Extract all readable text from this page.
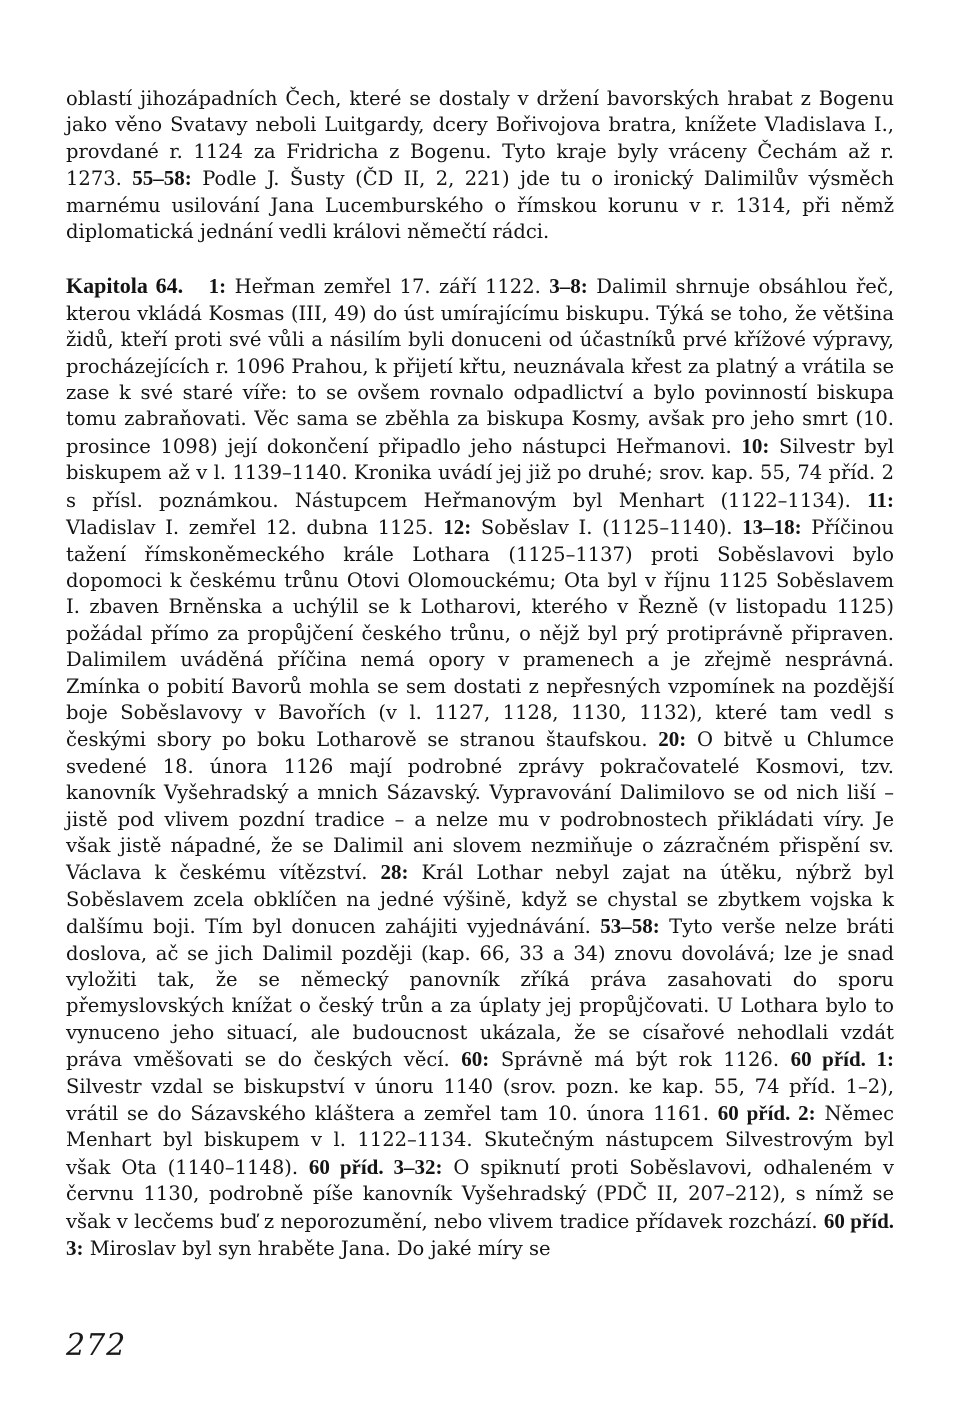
oblastí jihozápadních Čech, které se dostaly v držení bavorských hrabat z Bogenu jako věno Svatavy neboli Luitgardy, dcery Bořivojova bratra, knížete Vladislava I., provdané r. 1124 za Fridricha z Bogenu. Tyto kraje byly vráceny Čechám až r. 1273. 55–58: Podle J. Šusty (ČD II, 2, 221) jde tu o ironický Dalimilův výsměch marnému usilování Jana Lucemburského o římskou korunu v r. 1314, při němž diplomatická jednání vedli královi němečtí rádci.

Kapitola 64. 1: Heřman zemřel 17. září 1122. 3–8: Dalimil shrnuje obsáhlou řeč, kterou vkládá Kosmas (III, 49) do úst umírajícímu biskupu. Týká se toho, že většina židů, kteří proti své vůli a násilím byli donuceni od účastníků prvé křížové výpravy, procházejících r. 1096 Prahou, k přijetí křtu, neuznávala křest za platný a vrátila se zase k své staré víře: to se ovšem rovnalo odpadlictví a bylo povinností biskupa tomu zabraňovati. Věc sama se zběhla za biskupa Kosmy, avšak pro jeho smrt (10. prosince 1098) její dokončení připadlo jeho nástupci Heřmanovi. 10: Silvestr byl biskupem až v l. 1139–1140. Kronika uvádí jej již po druhé; srov. kap. 55, 74 příd. 2 s přísl. poznámkou. Nástupcem Heřmanovým byl Menhart (1122–1134). 11: Vladislav I. zemřel 12. dubna 1125. 12: Soběslav I. (1125–1140). 13–18: Příčinou tažení římskoněmeckého krále Lothara (1125–1137) proti Soběslavovi bylo dopomoci k českému trůnu Otovi Olomouckému; Ota byl v říjnu 1125 Soběslavem I. zbaven Brněnska a uchýlil se k Lotharovi, kterého v Řezně (v listopadu 1125) požádal přímo za propůjčení českého trůnu, o nějž byl prý protiprávně připraven. Dalimilem uváděná příčina nemá opory v pramenech a je zřejmě nesprávná. Zmínka o pobití Bavorů mohla se sem dostati z nepřesných vzpomínek na pozdější boje Soběslavovy v Bavořích (v l. 1127, 1128, 1130, 1132), které tam vedl s českými sbory po boku Lotharově se stranou štaufskou. 20: O bitvě u Chlumce svedené 18. února 1126 mají podrobné zprávy pokračovatelé Kosmovi, tzv. kanovník Vyšehradský a mnich Sázavský. Vypravování Dalimilovo se od nich liší – jistě pod vlivem pozdní tradice – a nelze mu v podrobnostech přikládati víry. Je však jistě nápadné, že se Dalimil ani slovem nezmiňuje o zázračném přispění sv. Václava k českému vítězství. 28: Král Lothar nebyl zajat na útěku, nýbrž byl Soběslavem zcela obklíčen na jedné výšině, když se chystal se zbytkem vojska k dalšímu boji. Tím byl donucen zahájiti vyjednávání. 53–58: Tyto verše nelze bráti doslova, ač se jich Dalimil později (kap. 66, 33 a 34) znovu dovolává; lze je snad vyložiti tak, že se německý panovník zříká práva zasahovati do sporu přemyslovských knížat o český trůn a za úplaty jej propůjčovati. U Lothara bylo to vynuceno jeho situací, ale budoucnost ukázala, že se císařové nehodlali vzdát práva vměšovati se do českých věcí. 60: Správně má být rok 1126. 60 příd. 1: Silvestr vzdal se biskupství v únoru 1140 (srov. pozn. ke kap. 55, 74 příd. 1–2), vrátil se do Sázavského kláštera a zemřel tam 10. února 1161. 60 příd. 2: Němec Menhart byl biskupem v l. 1122–1134. Skutečným nástupcem Silvestrovým byl však Ota (1140–1148). 60 příd. 3–32: O spiknutí proti Soběslavovi, odhaleném v červnu 1130, podrobně píše kanovník Vyšehradský (PDČ II, 207–212), s nímž se však v lecčems buď z neporozumění, nebo vlivem tradice přídavek rozchází. 60 příd. 3: Miroslav byl syn hraběte Jana. Do jaké míry se

272
